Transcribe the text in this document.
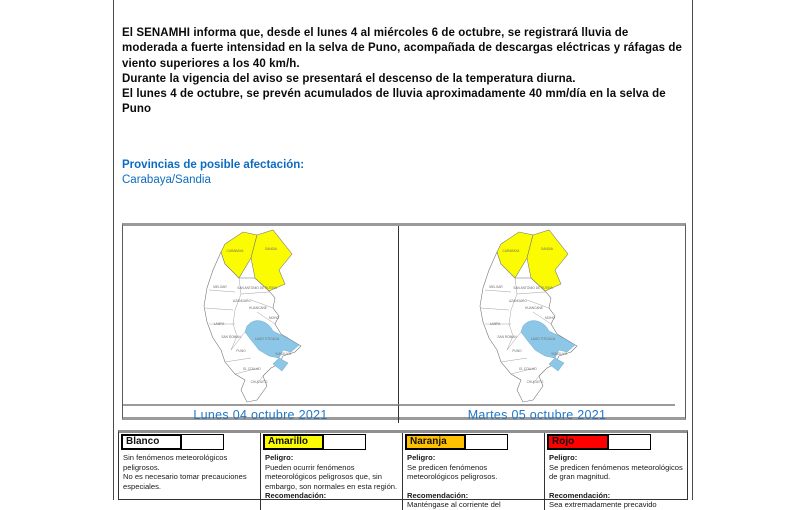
El SENAMHI informa que, desde el lunes 4 al miércoles 6 de octubre, se registrará lluvia de moderada a fuerte intensidad en la selva de Puno, acompañada de descargas eléctricas y ráfagas de viento superiores a los 40 km/h.

Durante la vigencia del aviso se presentará el descenso de la temperatura diurna.

El lunes 4 de octubre, se prevén acumulados de lluvia aproximadamente 40 mm/día en la selva de Puno

Provincias de posible afectación:
Carabaya/Sandia
CARABAYA	SANDIA
MELGAR	SAN ANTONIO DE PUTINA
AZANGARO
HUANCANE
MOHO
LAMPA
SAN ROMAN	LAGO TITICACA
PUNO
YUNGUYO
EL COLLAO
CHUCUITO
CARABAYA	SANDIA
MELGAR	SAN ANTONIO DE PUTINA
AZANGARO
HUANCANE
MOHO
LAMPA
SAN ROMAN	LAGO TITICACA
PUNO
YUNGUYO
EL COLLAO
CHUCUITO
Lunes 04 octubre 2021	Martes 05 octubre 2021
Blanco
Sin fenómenos meteorológicos peligrosos.
No es necesario tomar precauciones especiales.
Amarillo
Peligro:
Pueden ocurrir fenómenos meteorológicos peligrosos que, sin embargo, son normales en esta región.
Recomendación:
Naranja
Peligro:
Se predicen fenómenos meteorológicos peligrosos.
Recomendación:
Manténgase al corriente del
Rojo
Peligro:
Se predicen fenómenos meteorológicos de gran magnitud.
Recomendación:
Sea extremadamente precavido
